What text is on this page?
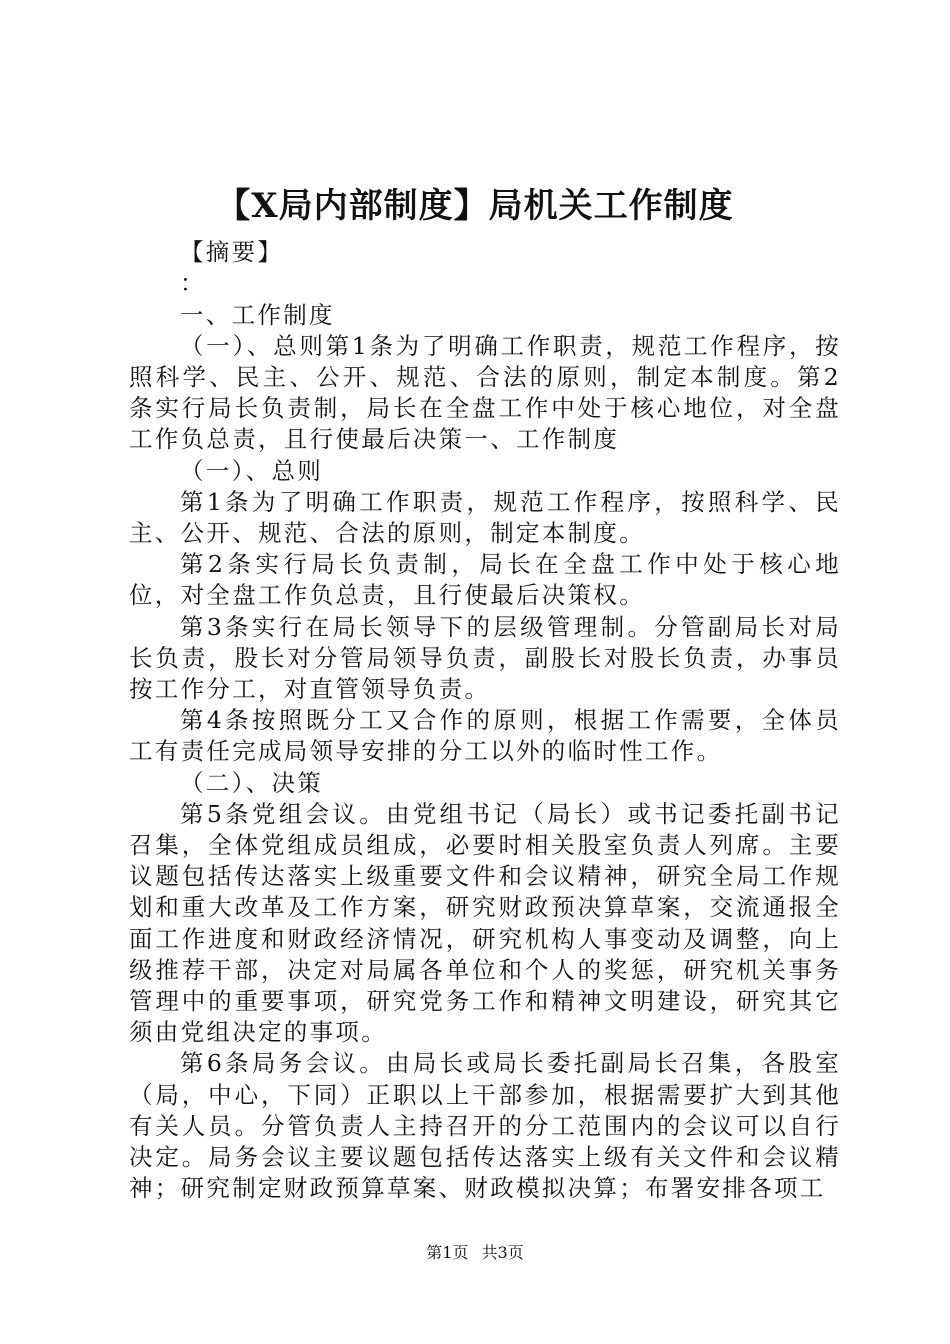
【X局内部制度】局机关工作制度

【摘要】

：

一、工作制度

（一）、总则第1条为了明确工作职责，规范工作程序，按照科学、民主、公开、规范、合法的原则，制定本制度。第2条实行局长负责制，局长在全盘工作中处于核心地位，对全盘工作负总责，且行使最后决策一、工作制度

（一）、总则

第1条为了明确工作职责，规范工作程序，按照科学、民主、公开、规范、合法的原则，制定本制度。

第2条实行局长负责制，局长在全盘工作中处于核心地位，对全盘工作负总责，且行使最后决策权。

第3条实行在局长领导下的层级管理制。分管副局长对局长负责，股长对分管局领导负责，副股长对股长负责，办事员按工作分工，对直管领导负责。

第4条按照既分工又合作的原则，根据工作需要，全体员工有责任完成局领导安排的分工以外的临时性工作。

（二）、决策

第5条党组会议。由党组书记（局长）或书记委托副书记召集，全体党组成员组成，必要时相关股室负责人列席。主要议题包括传达落实上级重要文件和会议精神，研究全局工作规划和重大改革及工作方案，研究财政预决算草案，交流通报全面工作进度和财政经济情况，研究机构人事变动及调整，向上级推荐干部，决定对局属各单位和个人的奖惩，研究机关事务管理中的重要事项，研究党务工作和精神文明建设，研究其它须由党组决定的事项。

第6条局务会议。由局长或局长委托副局长召集，各股室（局，中心，下同）正职以上干部参加，根据需要扩大到其他有关人员。分管负责人主持召开的分工范围内的会议可以自行决定。局务会议主要议题包括传达落实上级有关文件和会议精神；研究制定财政预算草案、财政模拟决算；布署安排各项工

第1页 共3页
